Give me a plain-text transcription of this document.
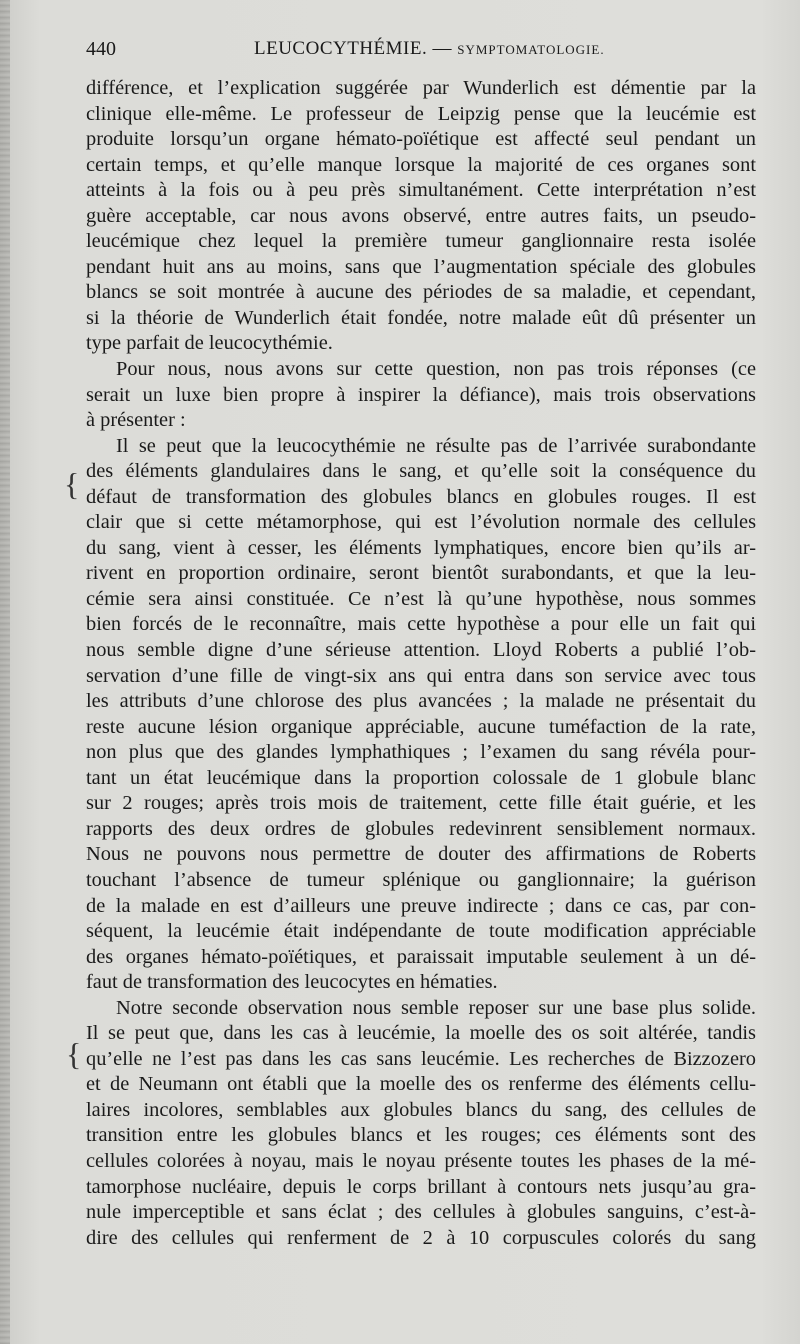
440	LEUCOCYTHÉMIE. — SYMPTOMATOLOGIE.
{
{
différence, et l’explication suggérée par Wunderlich est démentie par la
clinique elle-même. Le professeur de Leipzig pense que la leucémie est
produite lorsqu’un organe hémato-poïétique est affecté seul pendant un
certain temps, et qu’elle manque lorsque la majorité de ces organes sont
atteints à la fois ou à peu près simultanément. Cette interprétation n’est
guère acceptable, car nous avons observé, entre autres faits, un pseudo-
leucémique chez lequel la première tumeur ganglionnaire resta isolée
pendant huit ans au moins, sans que l’augmentation spéciale des globules
blancs se soit montrée à aucune des périodes de sa maladie, et cependant,
si la théorie de Wunderlich était fondée, notre malade eût dû présenter un
type parfait de leucocythémie.
Pour nous, nous avons sur cette question, non pas trois réponses (ce
serait un luxe bien propre à inspirer la défiance), mais trois observations
à présenter :
Il se peut que la leucocythémie ne résulte pas de l’arrivée surabondante
des éléments glandulaires dans le sang, et qu’elle soit la conséquence du
défaut de transformation des globules blancs en globules rouges. Il est
clair que si cette métamorphose, qui est l’évolution normale des cellules
du sang, vient à cesser, les éléments lymphatiques, encore bien qu’ils ar-
rivent en proportion ordinaire, seront bientôt surabondants, et que la leu-
cémie sera ainsi constituée. Ce n’est là qu’une hypothèse, nous sommes
bien forcés de le reconnaître, mais cette hypothèse a pour elle un fait qui
nous semble digne d’une sérieuse attention. Lloyd Roberts a publié l’ob-
servation d’une fille de vingt-six ans qui entra dans son service avec tous
les attributs d’une chlorose des plus avancées ; la malade ne présentait du
reste aucune lésion organique appréciable, aucune tuméfaction de la rate,
non plus que des glandes lymphathiques ; l’examen du sang révéla pour-
tant un état leucémique dans la proportion colossale de 1 globule blanc
sur 2 rouges; après trois mois de traitement, cette fille était guérie, et les
rapports des deux ordres de globules redevinrent sensiblement normaux.
Nous ne pouvons nous permettre de douter des affirmations de Roberts
touchant l’absence de tumeur splénique ou ganglionnaire; la guérison
de la malade en est d’ailleurs une preuve indirecte ; dans ce cas, par con-
séquent, la leucémie était indépendante de toute modification appréciable
des organes hémato-poïétiques, et paraissait imputable seulement à un dé-
faut de transformation des leucocytes en hématies.
Notre seconde observation nous semble reposer sur une base plus solide.
Il se peut que, dans les cas à leucémie, la moelle des os soit altérée, tandis
qu’elle ne l’est pas dans les cas sans leucémie. Les recherches de Bizzozero
et de Neumann ont établi que la moelle des os renferme des éléments cellu-
laires incolores, semblables aux globules blancs du sang, des cellules de
transition entre les globules blancs et les rouges; ces éléments sont des
cellules colorées à noyau, mais le noyau présente toutes les phases de la mé-
tamorphose nucléaire, depuis le corps brillant à contours nets jusqu’au gra-
nule imperceptible et sans éclat ; des cellules à globules sanguins, c’est-à-
dire des cellules qui renferment de 2 à 10 corpuscules colorés du sang
